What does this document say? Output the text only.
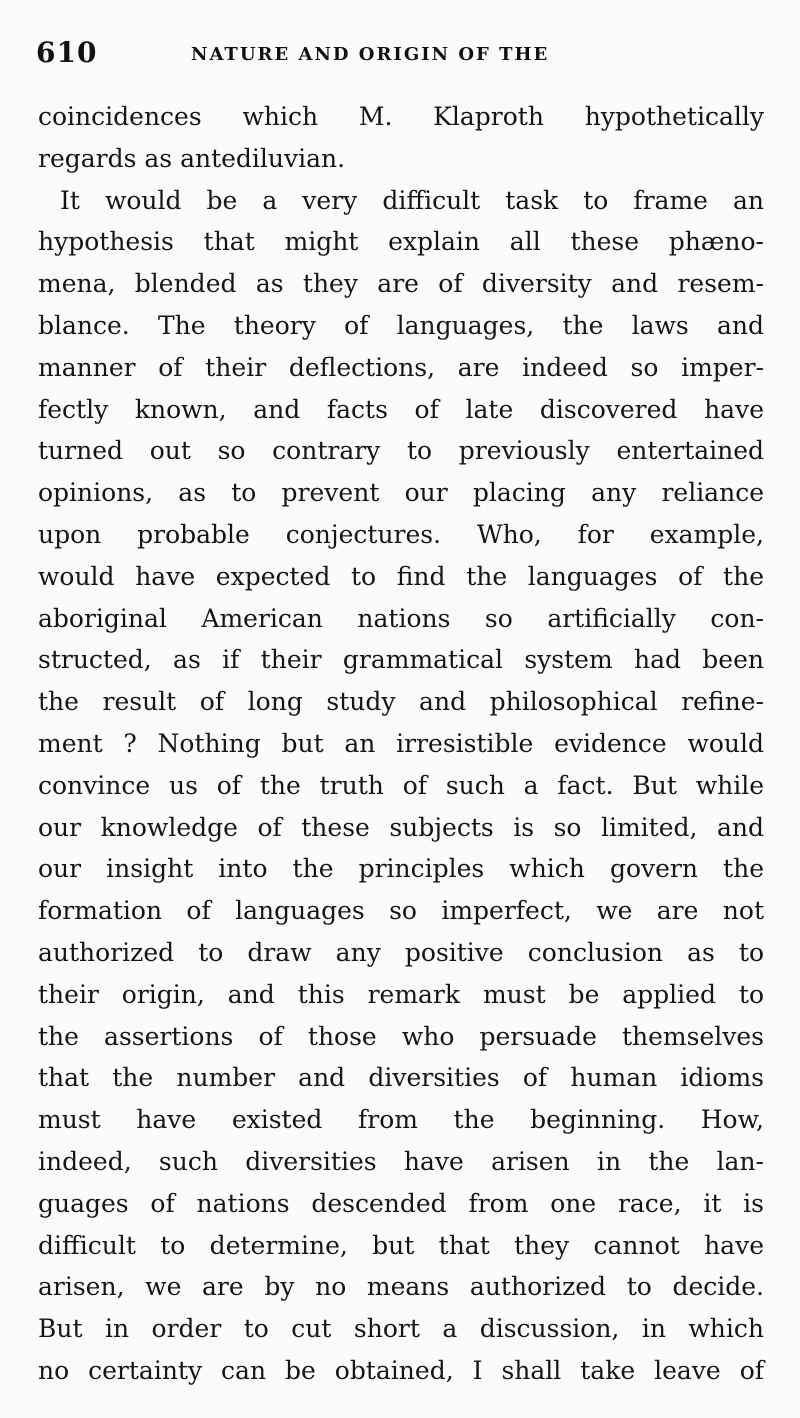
610	NATURE AND ORIGIN OF THE
coincidences which M. Klaproth hypothetically
regards as antediluvian.
It would be a very difficult task to frame an
hypothesis that might explain all these phæno-
mena, blended as they are of diversity and resem-
blance. The theory of languages, the laws and
manner of their deflections, are indeed so imper-
fectly known, and facts of late discovered have
turned out so contrary to previously entertained
opinions, as to prevent our placing any reliance
upon probable conjectures. Who, for example,
would have expected to find the languages of the
aboriginal American nations so artificially con-
structed, as if their grammatical system had been
the result of long study and philosophical refine-
ment ? Nothing but an irresistible evidence would
convince us of the truth of such a fact. But while
our knowledge of these subjects is so limited, and
our insight into the principles which govern the
formation of languages so imperfect, we are not
authorized to draw any positive conclusion as to
their origin, and this remark must be applied to
the assertions of those who persuade themselves
that the number and diversities of human idioms
must have existed from the beginning. How,
indeed, such diversities have arisen in the lan-
guages of nations descended from one race, it is
difficult to determine, but that they cannot have
arisen, we are by no means authorized to decide.
But in order to cut short a discussion, in which
no certainty can be obtained, I shall take leave of
